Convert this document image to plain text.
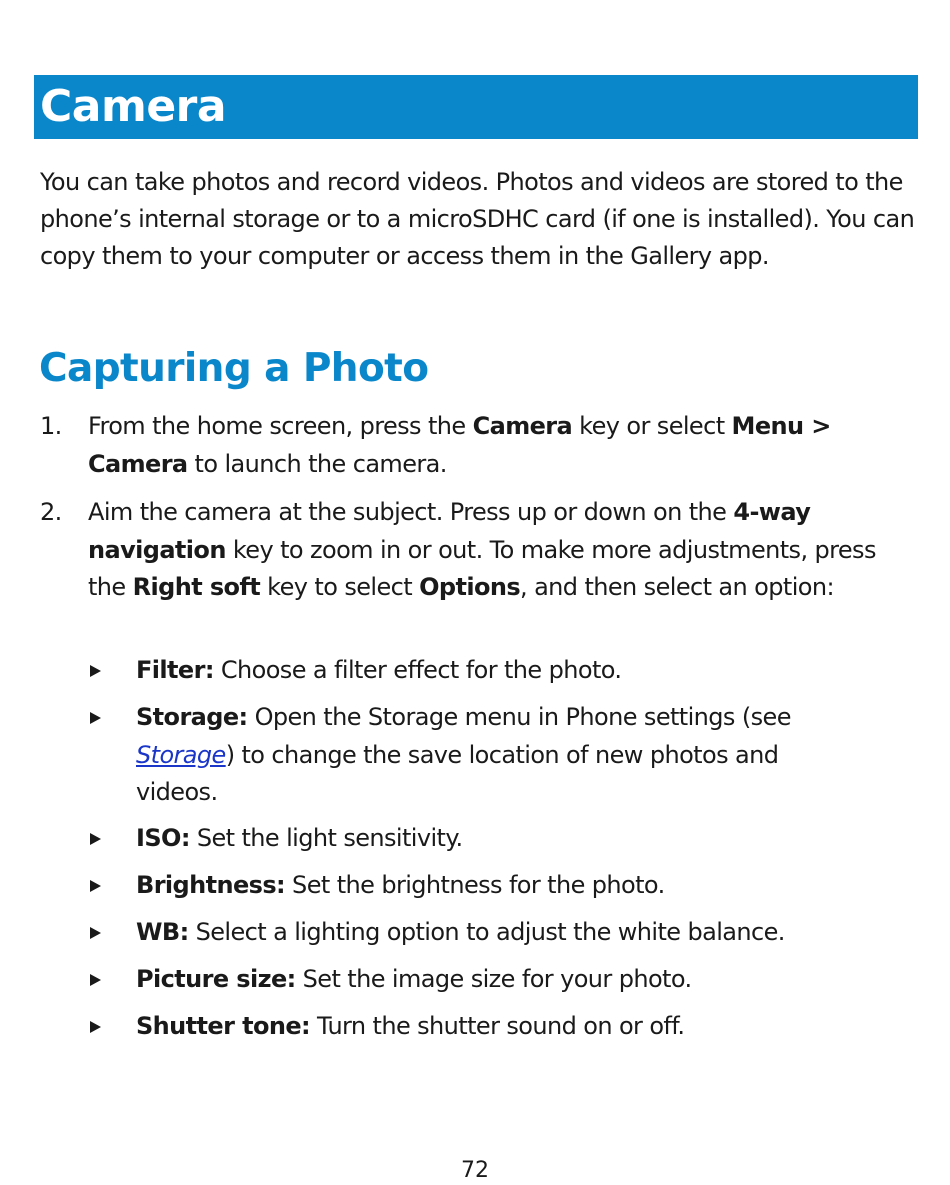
Camera

You can take photos and record videos. Photos and videos are stored to the phone’s internal storage or to a microSDHC card (if one is installed). You can copy them to your computer or access them in the Gallery app.

Capturing a Photo
1. From the home screen, press the Camera key or select Menu > Camera to launch the camera.
2. Aim the camera at the subject. Press up or down on the 4-way navigation key to zoom in or out. To make more adjustments, press the Right soft key to select Options, and then select an option:
Filter: Choose a filter effect for the photo.
Storage: Open the Storage menu in Phone settings (see Storage) to change the save location of new photos and videos.
ISO: Set the light sensitivity.
Brightness: Set the brightness for the photo.
WB: Select a lighting option to adjust the white balance.
Picture size: Set the image size for your photo.
Shutter tone: Turn the shutter sound on or off.
72
